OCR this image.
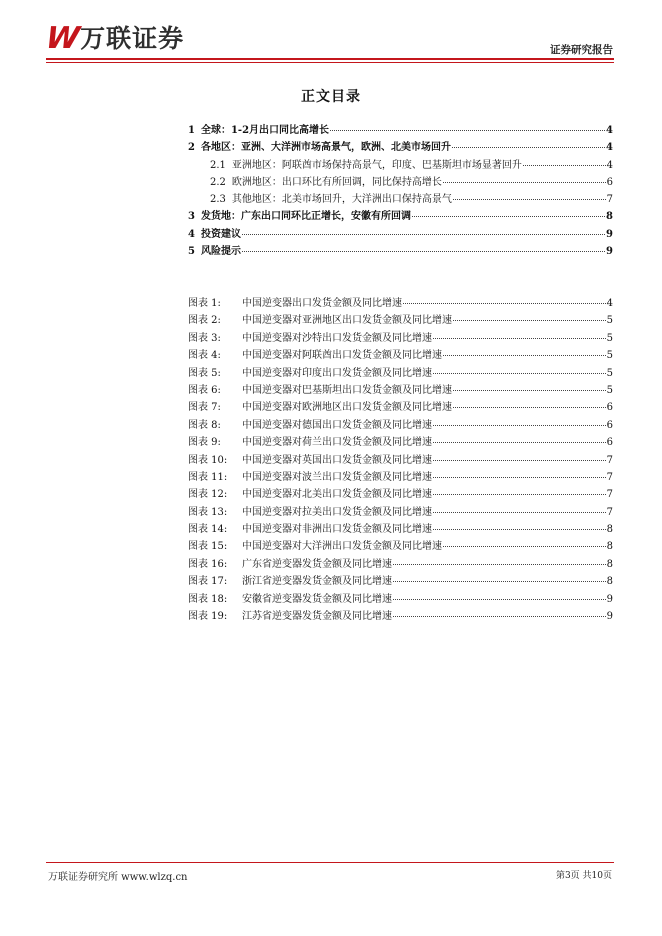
W 万联证券	证券研究报告
正文目录
1 全球：1-2月出口同比高增长	4
2 各地区：亚洲、大洋洲市场高景气，欧洲、北美市场回升	4
2.1 亚洲地区：阿联酋市场保持高景气，印度、巴基斯坦市场显著回升	4
2.2 欧洲地区：出口环比有所回调，同比保持高增长	6
2.3 其他地区：北美市场回升，大洋洲出口保持高景气	7
3 发货地：广东出口同环比正增长，安徽有所回调	8
4 投资建议	9
5 风险提示	9
图表 1:	中国逆变器出口发货金额及同比增速	4
图表 2:	中国逆变器对亚洲地区出口发货金额及同比增速	5
图表 3:	中国逆变器对沙特出口发货金额及同比增速	5
图表 4:	中国逆变器对阿联酋出口发货金额及同比增速	5
图表 5:	中国逆变器对印度出口发货金额及同比增速	5
图表 6:	中国逆变器对巴基斯坦出口发货金额及同比增速	5
图表 7:	中国逆变器对欧洲地区出口发货金额及同比增速	6
图表 8:	中国逆变器对德国出口发货金额及同比增速	6
图表 9:	中国逆变器对荷兰出口发货金额及同比增速	6
图表 10:	中国逆变器对英国出口发货金额及同比增速	7
图表 11:	中国逆变器对波兰出口发货金额及同比增速	7
图表 12:	中国逆变器对北美出口发货金额及同比增速	7
图表 13:	中国逆变器对拉美出口发货金额及同比增速	7
图表 14:	中国逆变器对非洲出口发货金额及同比增速	8
图表 15:	中国逆变器对大洋洲出口发货金额及同比增速	8
图表 16:	广东省逆变器发货金额及同比增速	8
图表 17:	浙江省逆变器发货金额及同比增速	8
图表 18:	安徽省逆变器发货金额及同比增速	9
图表 19:	江苏省逆变器发货金额及同比增速	9
万联证券研究所 www.wlzq.cn	第3页 共10页
